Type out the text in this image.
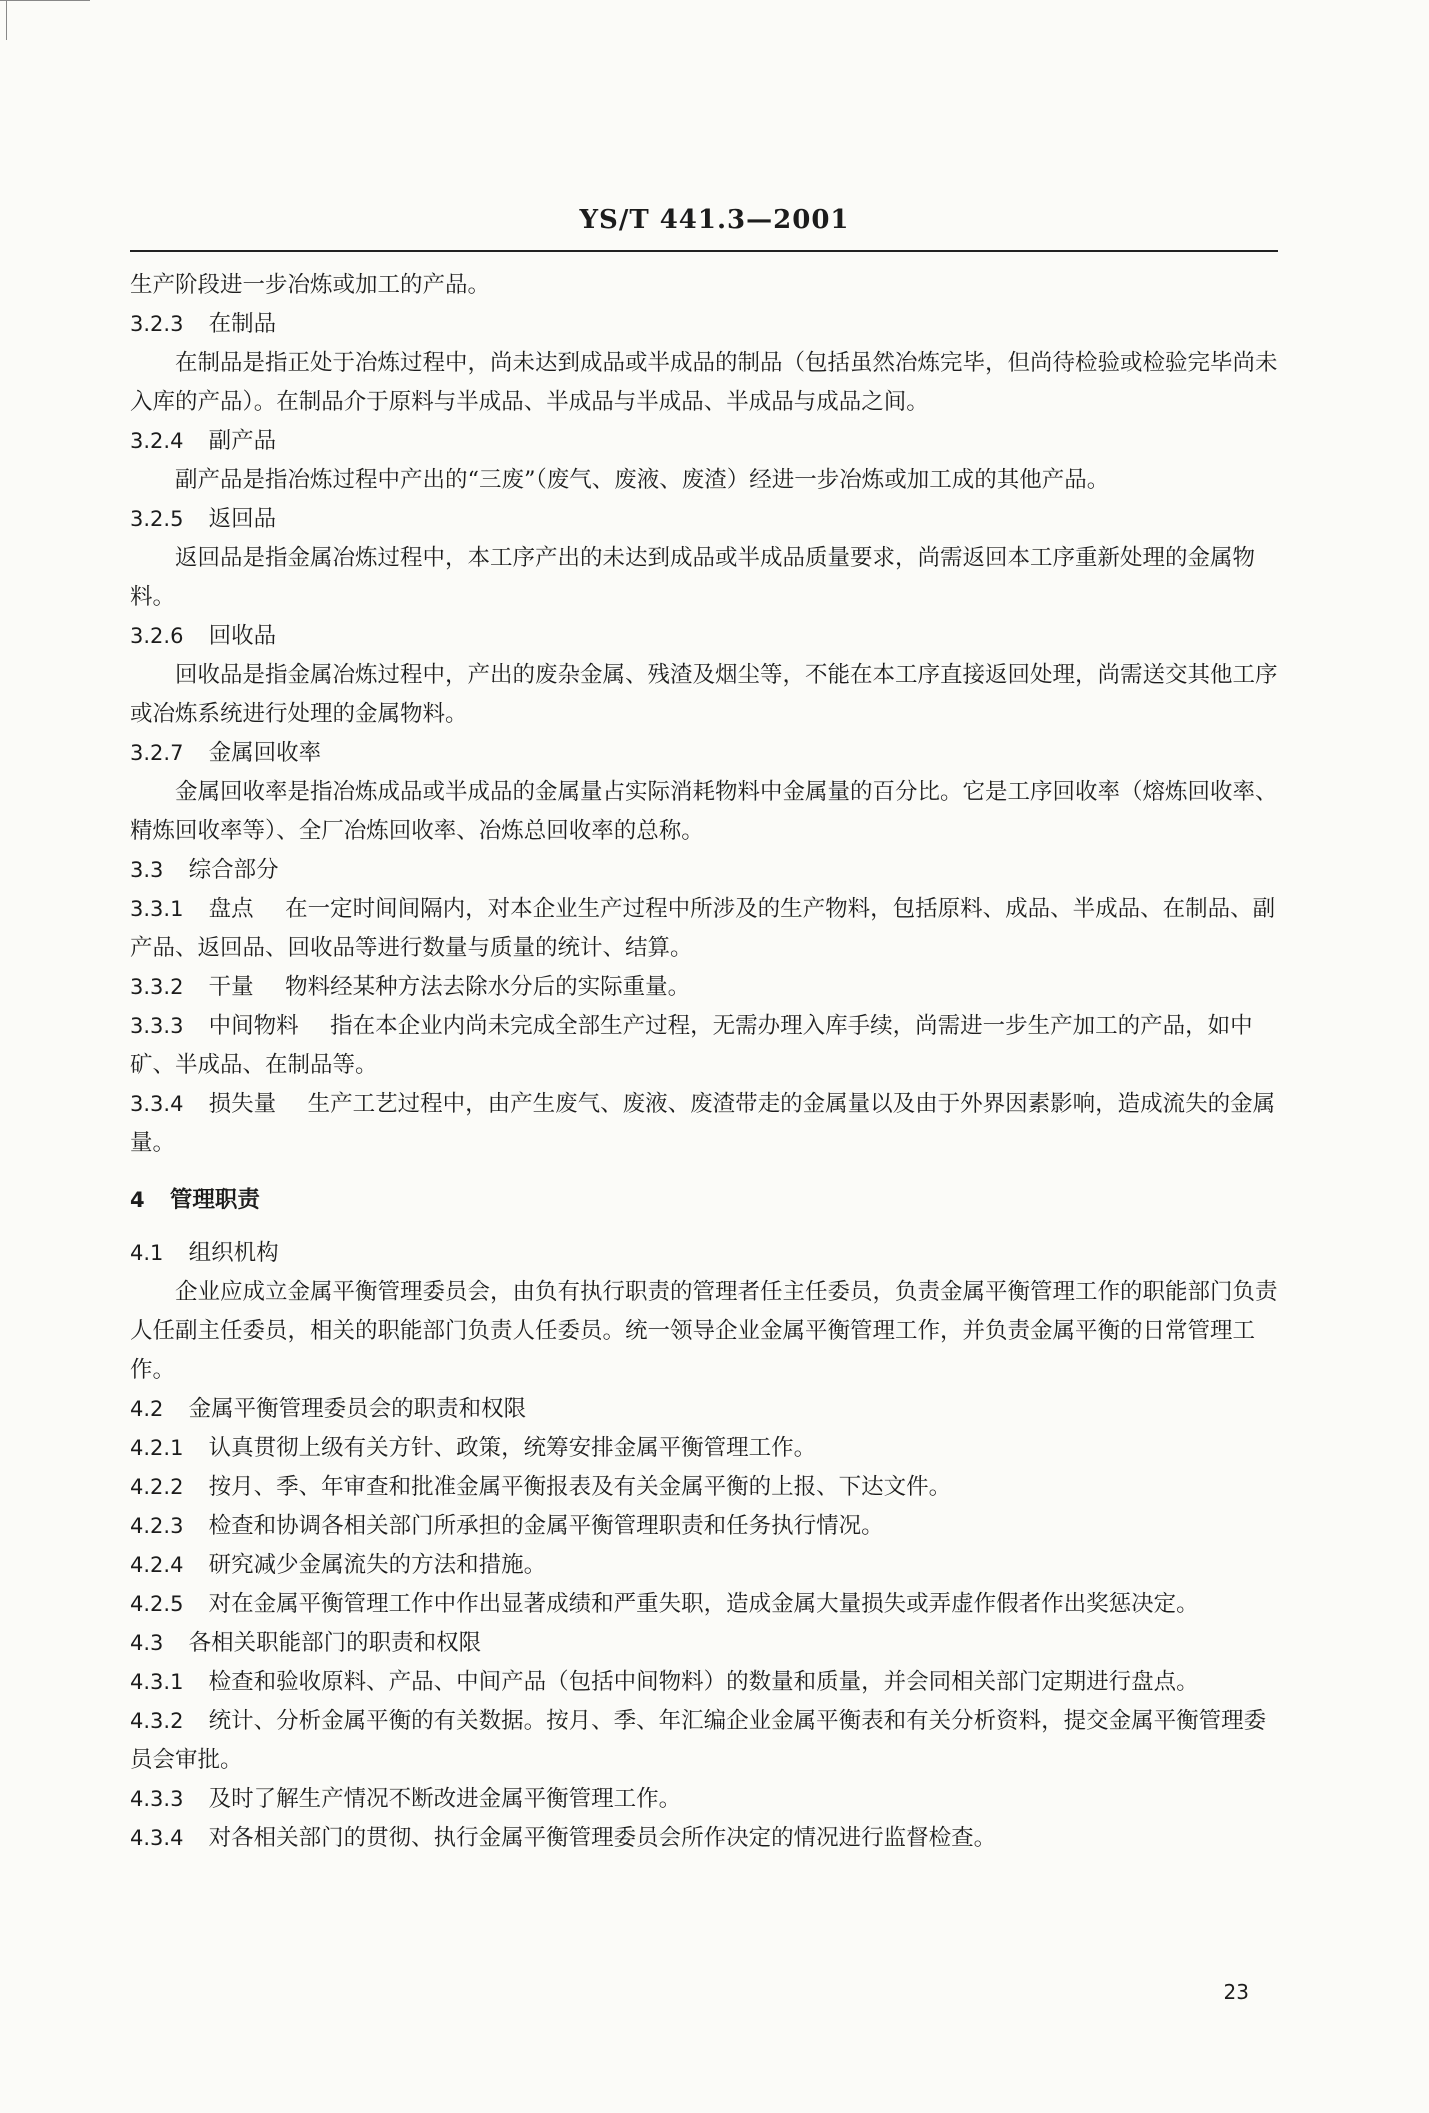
YS/T 441.3—2001

生产阶段进一步冶炼或加工的产品。

3.2.3 在制品

在制品是指正处于冶炼过程中，尚未达到成品或半成品的制品（包括虽然冶炼完毕，但尚待检验或检验完毕尚未入库的产品）。在制品介于原料与半成品、半成品与半成品、半成品与成品之间。

3.2.4 副产品

副产品是指冶炼过程中产出的“三废”（废气、废液、废渣）经进一步冶炼或加工成的其他产品。

3.2.5 返回品

返回品是指金属冶炼过程中，本工序产出的未达到成品或半成品质量要求，尚需返回本工序重新处理的金属物料。

3.2.6 回收品

回收品是指金属冶炼过程中，产出的废杂金属、残渣及烟尘等，不能在本工序直接返回处理，尚需送交其他工序或冶炼系统进行处理的金属物料。

3.2.7 金属回收率

金属回收率是指冶炼成品或半成品的金属量占实际消耗物料中金属量的百分比。它是工序回收率（熔炼回收率、精炼回收率等）、全厂冶炼回收率、冶炼总回收率的总称。

3.3 综合部分

3.3.1 盘点 在一定时间间隔内，对本企业生产过程中所涉及的生产物料，包括原料、成品、半成品、在制品、副产品、返回品、回收品等进行数量与质量的统计、结算。

3.3.2 干量 物料经某种方法去除水分后的实际重量。

3.3.3 中间物料 指在本企业内尚未完成全部生产过程，无需办理入库手续，尚需进一步生产加工的产品，如中矿、半成品、在制品等。

3.3.4 损失量 生产工艺过程中，由产生废气、废液、废渣带走的金属量以及由于外界因素影响，造成流失的金属量。

4 管理职责

4.1 组织机构

企业应成立金属平衡管理委员会，由负有执行职责的管理者任主任委员，负责金属平衡管理工作的职能部门负责人任副主任委员，相关的职能部门负责人任委员。统一领导企业金属平衡管理工作，并负责金属平衡的日常管理工作。

4.2 金属平衡管理委员会的职责和权限

4.2.1 认真贯彻上级有关方针、政策，统筹安排金属平衡管理工作。

4.2.2 按月、季、年审查和批准金属平衡报表及有关金属平衡的上报、下达文件。

4.2.3 检查和协调各相关部门所承担的金属平衡管理职责和任务执行情况。

4.2.4 研究减少金属流失的方法和措施。

4.2.5 对在金属平衡管理工作中作出显著成绩和严重失职，造成金属大量损失或弄虚作假者作出奖惩决定。

4.3 各相关职能部门的职责和权限

4.3.1 检查和验收原料、产品、中间产品（包括中间物料）的数量和质量，并会同相关部门定期进行盘点。

4.3.2 统计、分析金属平衡的有关数据。按月、季、年汇编企业金属平衡表和有关分析资料，提交金属平衡管理委员会审批。

4.3.3 及时了解生产情况不断改进金属平衡管理工作。

4.3.4 对各相关部门的贯彻、执行金属平衡管理委员会所作决定的情况进行监督检查。

23
